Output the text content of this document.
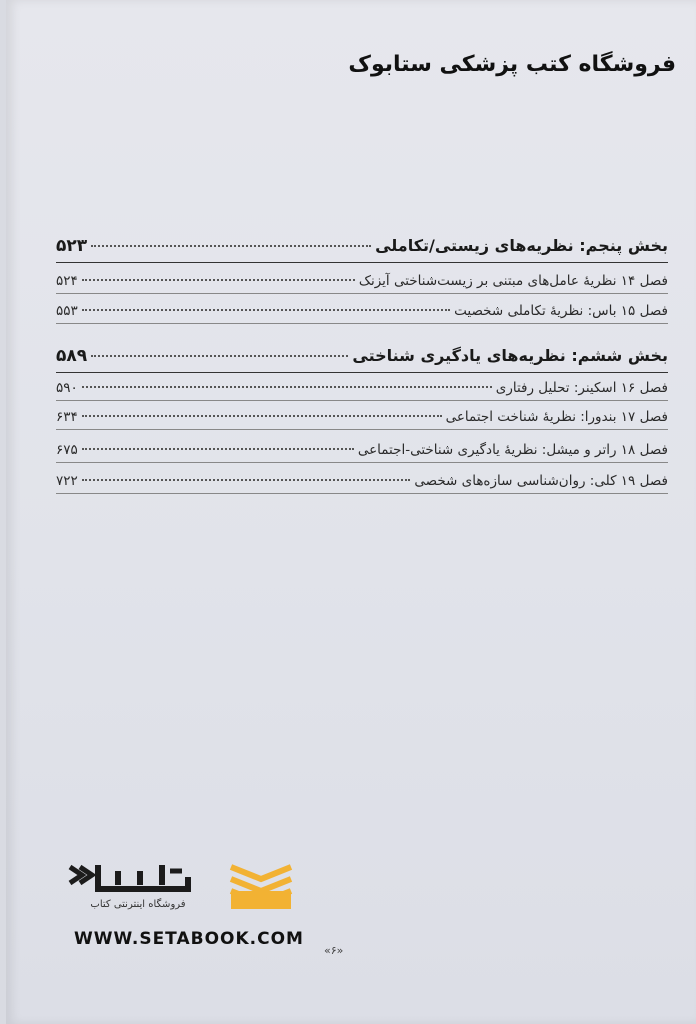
فروشگاه کتب پزشکی ستابوک

بخش پنجم: نظریه‌های زیستی/تکاملی
۵۲۳
فصل ۱۴ نظریهٔ عامل‌های مبتنی بر زیست‌شناختی آیزنک
۵۲۴
فصل ۱۵ باس: نظریهٔ تکاملی شخصیت
۵۵۳
بخش ششم: نظریه‌های یادگیری شناختی
۵۸۹
فصل ۱۶ اسکینر: تحلیل رفتاری
۵۹۰
فصل ۱۷ بندورا: نظریهٔ شناخت اجتماعی
۶۳۴
فصل ۱۸ راتر و میشل: نظریهٔ یادگیری شناختی-اجتماعی
۶۷۵
فصل ۱۹ کلی: روان‌شناسی سازه‌های شخصی
۷۲۲
فروشگاه اینترنتی کتاب
WWW.SETABOOK.COM
«۶»
